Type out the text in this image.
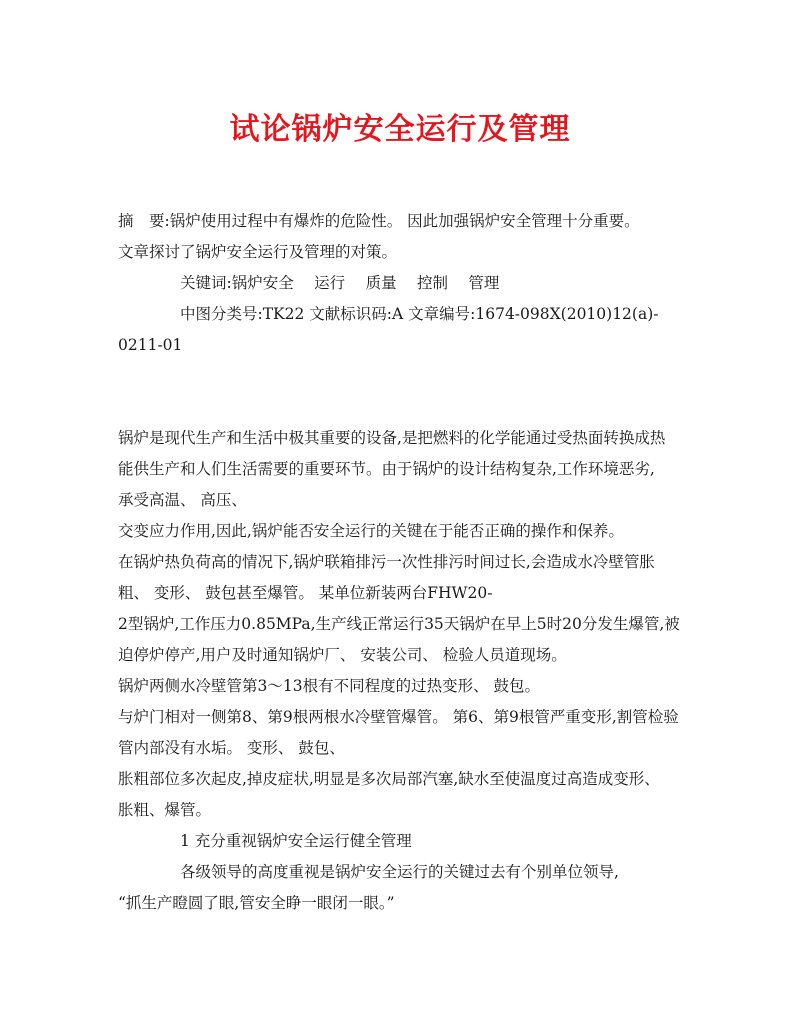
试论锅炉安全运行及管理
摘　要:锅炉使用过程中有爆炸的危险性。 因此加强锅炉安全管理十分重要。
文章探讨了锅炉安全运行及管理的对策。
关键词:锅炉安全　 运行　 质量　 控制　 管理
中图分类号:TK22 文献标识码:A 文章编号:1674-098X(2010)12(a)-
0211-01
锅炉是现代生产和生活中极其重要的设备,是把燃料的化学能通过受热面转换成热
能供生产和人们生活需要的重要环节。由于锅炉的设计结构复杂,工作环境恶劣,
承受高温、 高压、
交变应力作用,因此,锅炉能否安全运行的关键在于能否正确的操作和保养。
在锅炉热负荷高的情况下,锅炉联箱排污一次性排污时间过长,会造成水冷壁管胀
粗、 变形、 鼓包甚至爆管。 某单位新装两台FHW20-
2型锅炉,工作压力0.85MPa,生产线正常运行35天锅炉在早上5时20分发生爆管,被
迫停炉停产,用户及时通知锅炉厂、 安装公司、 检验人员道现场。
锅炉两侧水冷壁管第3～13根有不同程度的过热变形、 鼓包。
与炉门相对一侧第8、第9根两根水冷壁管爆管。 第6、第9根管严重变形,割管检验
管内部没有水垢。 变形、 鼓包、
胀粗部位多次起皮,掉皮症状,明显是多次局部汽塞,缺水至使温度过高造成变形、
胀粗、爆管。
1 充分重视锅炉安全运行健全管理
各级领导的高度重视是锅炉安全运行的关键过去有个别单位领导,
“抓生产瞪圆了眼,管安全睁一眼闭一眼。”
